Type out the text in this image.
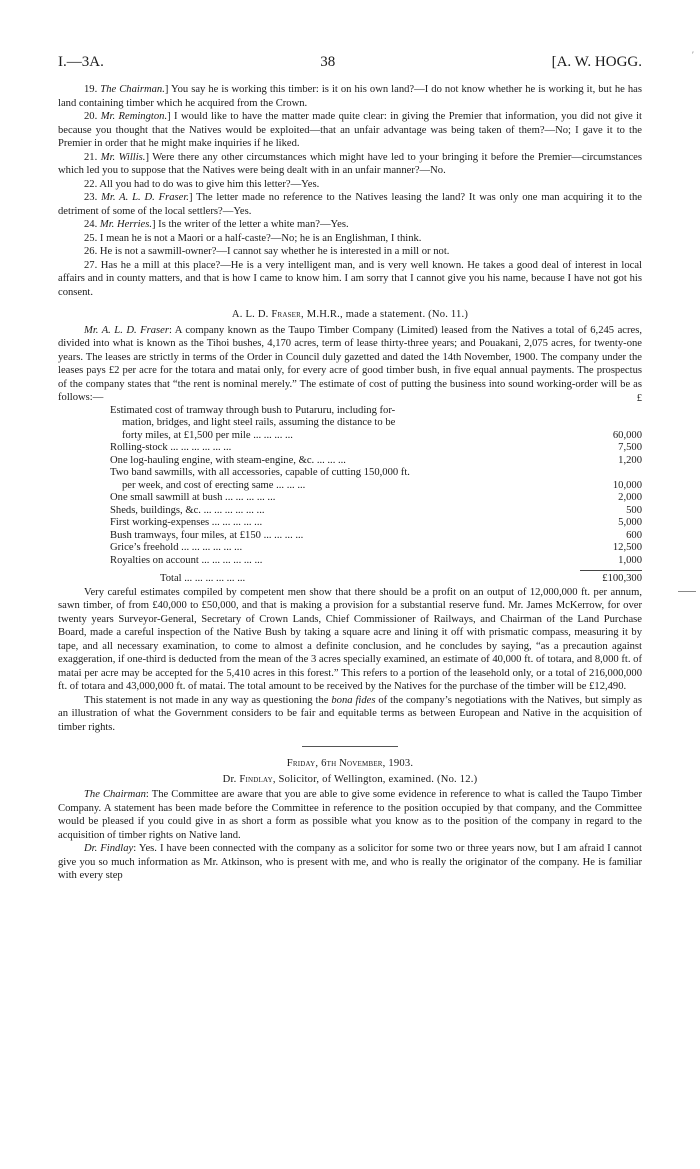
′
I.—3A.	38	[A. W. HOGG.

19. The Chairman.] You say he is working this timber: is it on his own land?—I do not know whether he is working it, but he has land containing timber which he acquired from the Crown.

20. Mr. Remington.] I would like to have the matter made quite clear: in giving the Premier that information, you did not give it because you thought that the Natives would be exploited—that an unfair advantage was being taken of them?—No; I gave it to the Premier in order that he might make inquiries if he liked.

21. Mr. Willis.] Were there any other circumstances which might have led to your bringing it before the Premier—circumstances which led you to suppose that the Natives were being dealt with in an unfair manner?—No.

22. All you had to do was to give him this letter?—Yes.

23. Mr. A. L. D. Fraser.] The letter made no reference to the Natives leasing the land? It was only one man acquiring it to the detriment of some of the local settlers?—Yes.

24. Mr. Herries.] Is the writer of the letter a white man?—Yes.

25. I mean he is not a Maori or a half-caste?—No; he is an Englishman, I think.

26. He is not a sawmill-owner?—I cannot say whether he is interested in a mill or not.

27. Has he a mill at this place?—He is a very intelligent man, and is very well known. He takes a good deal of interest in local affairs and in county matters, and that is how I came to know him. I am sorry that I cannot give you his name, because I have not got his consent.

A. L. D. Fraser, M.H.R., made a statement. (No. 11.)

Mr. A. L. D. Fraser: A company known as the Taupo Timber Company (Limited) leased from the Natives a total of 6,245 acres, divided into what is known as the Tihoi bushes, 4,170 acres, term of lease thirty-three years; and Pouakani, 2,075 acres, for twenty-one years. The leases are strictly in terms of the Order in Council duly gazetted and dated the 14th November, 1900. The company under the leases pays £2 per acre for the totara and matai only, for every acre of good timber bush, in five equal annual payments. The prospectus of the company states that “the rent is nominal merely.” The estimate of cost of putting the business into sound working-order will be as follows:—	£
Estimated cost of tramway through bush to Putaruru, including for-
mation, bridges, and light steel rails, assuming the distance to be
forty miles, at £1,500 per mile ... ... ... ...	60,000
Rolling-stock ... ... ... ... ... ...	7,500
One log-hauling engine, with steam-engine, &c. ... ... ...	1,200
Two band sawmills, with all accessories, capable of cutting 150,000 ft.
per week, and cost of erecting same ... ... ...	10,000
One small sawmill at bush ... ... ... ... ...	2,000
Sheds, buildings, &c. ... ... ... ... ... ...	500
First working-expenses ... ... ... ... ...	5,000
Bush tramways, four miles, at £150 ... ... ... ...	600
Grice’s freehold ... ... ... ... ... ...	12,500
Royalties on account ... ... ... ... ... ...	1,000
Total ... ... ... ... ... ...	£100,300

Very careful estimates compiled by competent men show that there should be a profit on an output of 12,000,000 ft. per annum, sawn timber, of from £40,000 to £50,000, and that is making a provision for a substantial reserve fund. Mr. James McKerrow, for over twenty years Surveyor-General, Secretary of Crown Lands, Chief Commissioner of Railways, and Chairman of the Land Purchase Board, made a careful inspection of the Native Bush by taking a square acre and lining it off with prismatic compass, measuring it by tape, and all necessary examination, to come to almost a definite conclusion, and he concludes by saying, “as a precaution against exaggeration, if one-third is deducted from the mean of the 3 acres specially examined, an estimate of 40,000 ft. of totara, and 8,000 ft. of matai per acre may be accepted for the 5,410 acres in this forest.” This refers to a portion of the leasehold only, or a total of 216,000,000 ft. of totara and 43,000,000 ft. of matai. The total amount to be received by the Natives for the purchase of the timber will be £12,490.

This statement is not made in any way as questioning the bona fides of the company’s negotiations with the Natives, but simply as an illustration of what the Government considers to be fair and equitable terms as between European and Native in the acquisition of timber rights.

Friday, 6th November, 1903.
Dr. Findlay, Solicitor, of Wellington, examined. (No. 12.)

The Chairman: The Committee are aware that you are able to give some evidence in reference to what is called the Taupo Timber Company. A statement has been made before the Committee in reference to the position occupied by that company, and the Committee would be pleased if you could give in as short a form as possible what you know as to the position of the company in regard to the acquisition of timber rights on Native land.

Dr. Findlay: Yes. I have been connected with the company as a solicitor for some two or three years now, but I am afraid I cannot give you so much information as Mr. Atkinson, who is present with me, and who is really the originator of the company. He is familiar with every step
